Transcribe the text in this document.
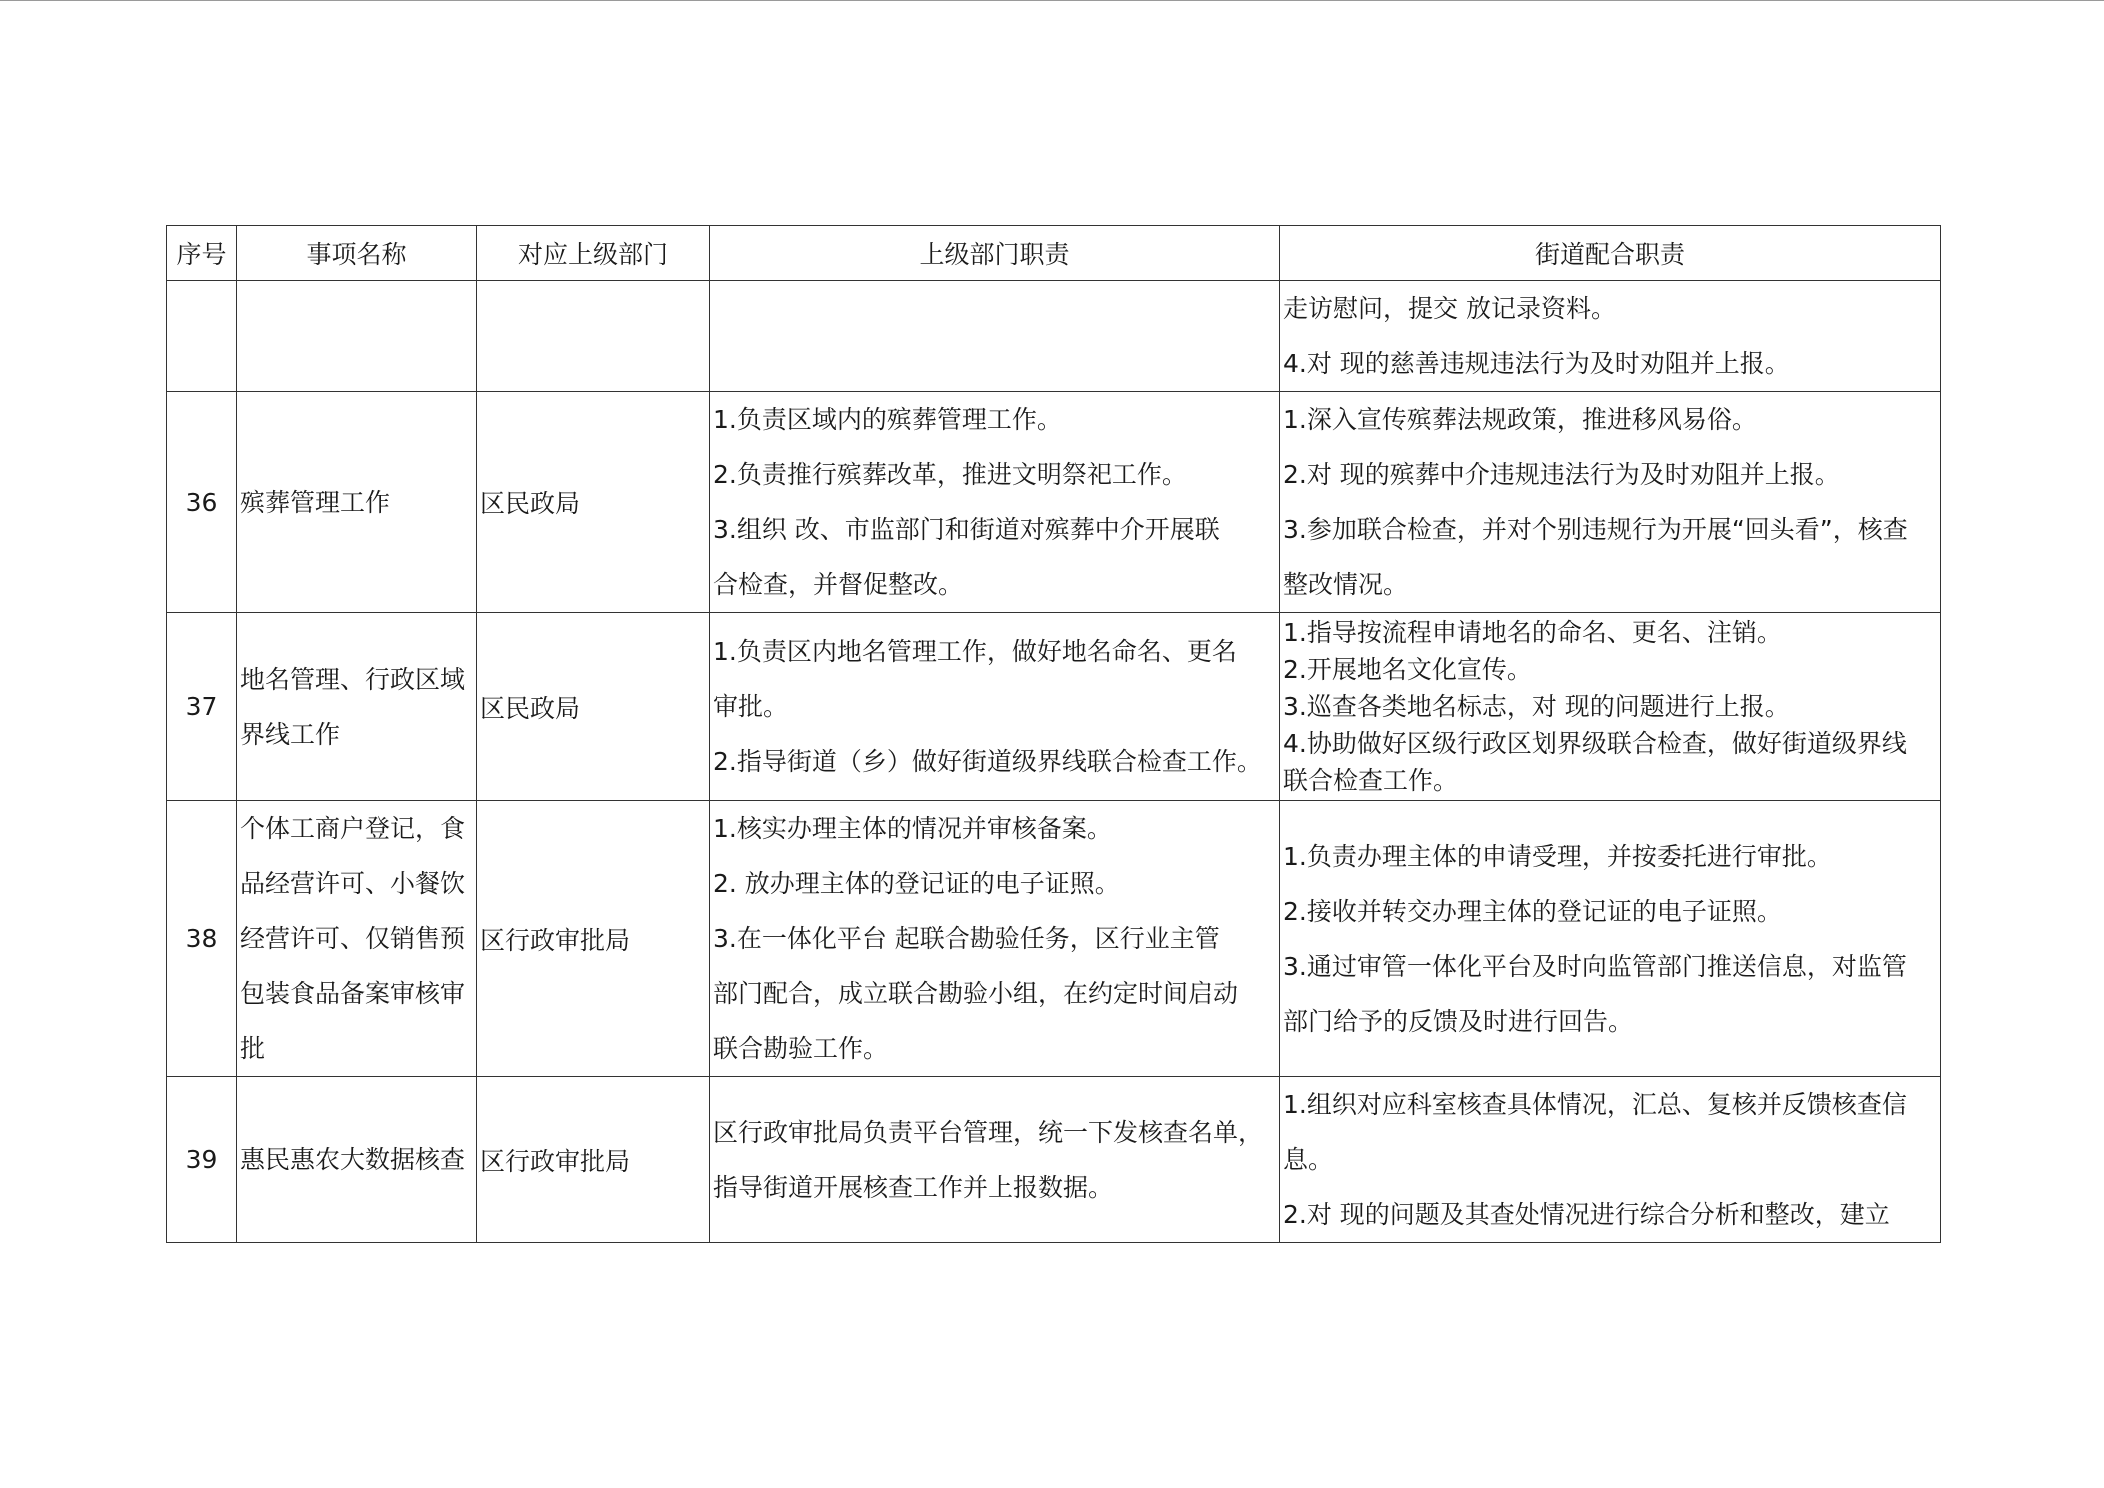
序号	事项名称	对应上级部门	上级部门职责	街道配合职责

				走访慰问，提交 放记录资料。
4.对 现的慈善违规违法行为及时劝阻并上报。

36	殡葬管理工作	区民政局	1.负责区域内的殡葬管理工作。
2.负责推行殡葬改革，推进文明祭祀工作。
3.组织 改、市监部门和街道对殡葬中介开展联
合检查，并督促整改。	1.深入宣传殡葬法规政策，推进移风易俗。
2.对 现的殡葬中介违规违法行为及时劝阻并上报。
3.参加联合检查，并对个别违规行为开展“回头看”，核查
整改情况。

37	地名管理、行政区域界线工作	区民政局	1.负责区内地名管理工作，做好地名命名、更名
审批。
2.指导街道（乡）做好街道级界线联合检查工作。	1.指导按流程申请地名的命名、更名、注销。
2.开展地名文化宣传。
3.巡查各类地名标志，对 现的问题进行上报。
4.协助做好区级行政区划界级联合检查，做好街道级界线
联合检查工作。

38	个体工商户登记，食品经营许可、小餐饮经营许可、仅销售预包装食品备案审核审批	区行政审批局	1.核实办理主体的情况并审核备案。
2. 放办理主体的登记证的电子证照。
3.在一体化平台 起联合勘验任务，区行业主管
部门配合，成立联合勘验小组，在约定时间启动
联合勘验工作。	1.负责办理主体的申请受理，并按委托进行审批。
2.接收并转交办理主体的登记证的电子证照。
3.通过审管一体化平台及时向监管部门推送信息，对监管
部门给予的反馈及时进行回告。

39	惠民惠农大数据核查	区行政审批局	区行政审批局负责平台管理，统一下发核查名单，
指导街道开展核查工作并上报数据。	1.组织对应科室核查具体情况，汇总、复核并反馈核查信
息。
2.对 现的问题及其查处情况进行综合分析和整改，建立
